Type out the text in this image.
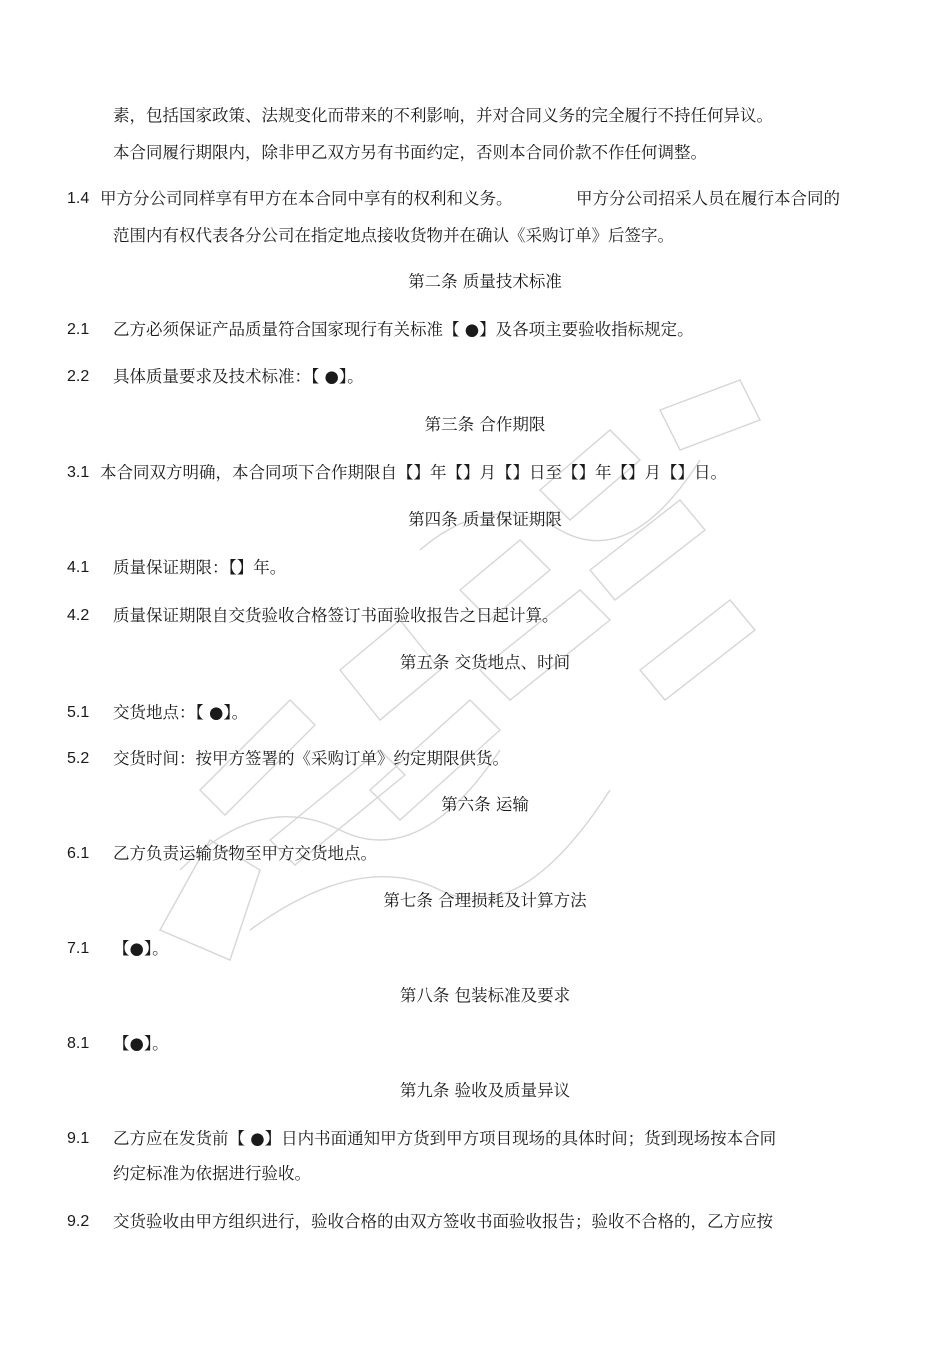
素，包括国家政策、法规变化而带来的不利影响，并对合同义务的完全履行不持任何异议。
本合同履行期限内，除非甲乙双方另有书面约定，否则本合同价款不作任何调整。
1.4 甲方分公司同样享有甲方在本合同中享有的权利和义务。	甲方分公司招采人员在履行本合同的
范围内有权代表各分公司在指定地点接收货物并在确认《采购订单》后签字。
第二条 质量技术标准
2.1 乙方必须保证产品质量符合国家现行有关标准【 ●】及各项主要验收指标规定。
2.2 具体质量要求及技术标准：【 ●】。
第三条 合作期限
3.1 本合同双方明确，本合同项下合作期限自【】年【】月【】日至【】年【】月【】日。
第四条 质量保证期限
4.1 质量保证期限：【】年。
4.2 质量保证期限自交货验收合格签订书面验收报告之日起计算。
第五条 交货地点、时间
5.1 交货地点：【 ●】。
5.2 交货时间：按甲方签署的《采购订单》约定期限供货。
第六条 运输
6.1 乙方负责运输货物至甲方交货地点。
第七条 合理损耗及计算方法
7.1 【●】。
第八条 包装标准及要求
8.1 【●】。
第九条 验收及质量异议
9.1 乙方应在发货前【 ●】日内书面通知甲方货到甲方项目现场的具体时间；货到现场按本合同
约定标准为依据进行验收。
9.2 交货验收由甲方组织进行，验收合格的由双方签收书面验收报告；验收不合格的，乙方应按
